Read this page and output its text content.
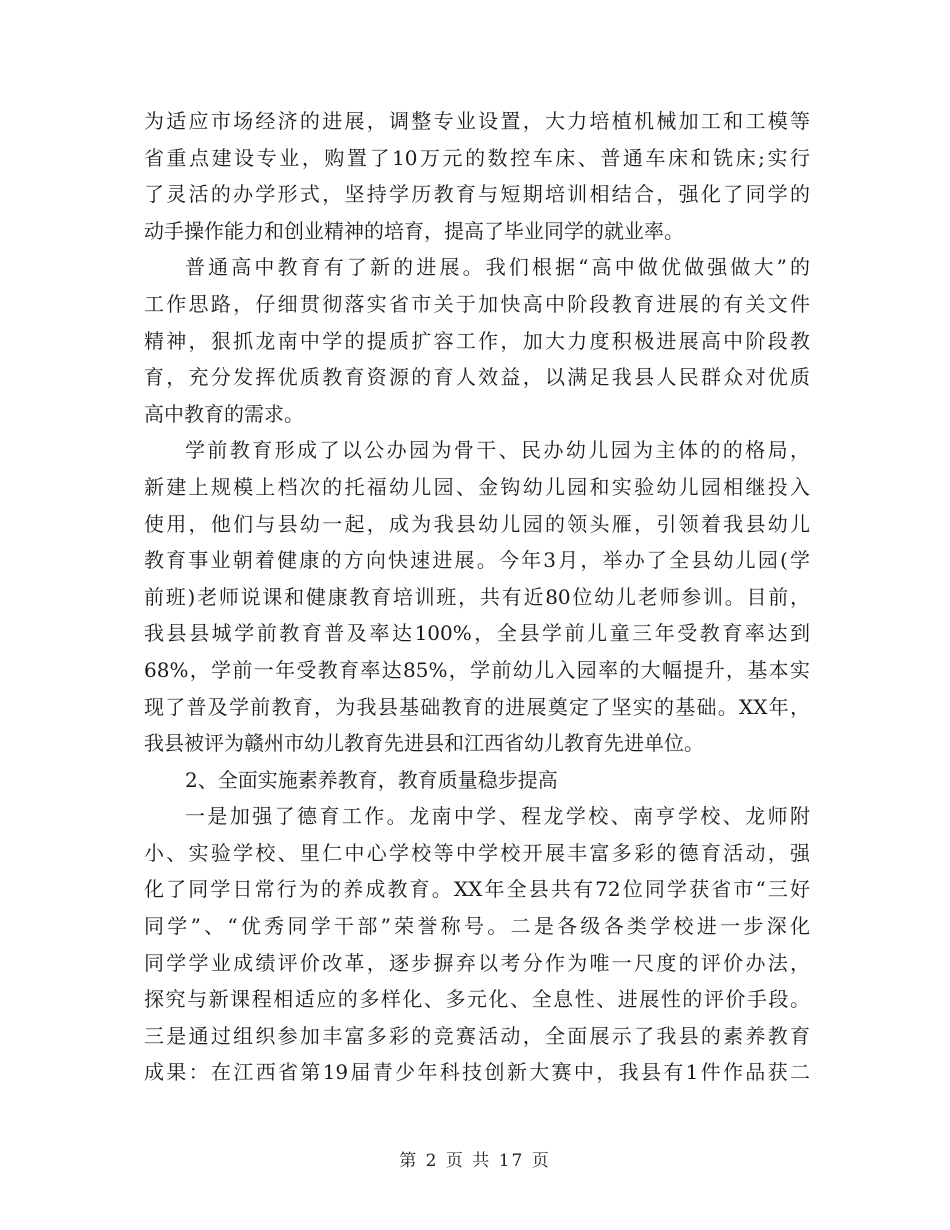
为适应市场经济的进展，调整专业设置，大力培植机械加工和工模等
省重点建设专业，购置了10万元的数控车床、普通车床和铣床;实行
了灵活的办学形式，坚持学历教育与短期培训相结合，强化了同学的
动手操作能力和创业精神的培育，提高了毕业同学的就业率。
普通高中教育有了新的进展。我们根据“高中做优做强做大”的
工作思路，仔细贯彻落实省市关于加快高中阶段教育进展的有关文件
精神，狠抓龙南中学的提质扩容工作，加大力度积极进展高中阶段教
育，充分发挥优质教育资源的育人效益，以满足我县人民群众对优质
高中教育的需求。
学前教育形成了以公办园为骨干、民办幼儿园为主体的的格局，
新建上规模上档次的托福幼儿园、金钩幼儿园和实验幼儿园相继投入
使用，他们与县幼一起，成为我县幼儿园的领头雁，引领着我县幼儿
教育事业朝着健康的方向快速进展。今年3月，举办了全县幼儿园(学
前班)老师说课和健康教育培训班，共有近80位幼儿老师参训。目前，
我县县城学前教育普及率达100%，全县学前儿童三年受教育率达到
68%，学前一年受教育率达85%，学前幼儿入园率的大幅提升，基本实
现了普及学前教育，为我县基础教育的进展奠定了坚实的基础。XX年，
我县被评为赣州市幼儿教育先进县和江西省幼儿教育先进单位。
2、全面实施素养教育，教育质量稳步提高
一是加强了德育工作。龙南中学、程龙学校、南亨学校、龙师附
小、实验学校、里仁中心学校等中学校开展丰富多彩的德育活动，强
化了同学日常行为的养成教育。XX年全县共有72位同学获省市“三好
同学”、“优秀同学干部”荣誉称号。二是各级各类学校进一步深化
同学学业成绩评价改革，逐步摒弃以考分作为唯一尺度的评价办法，
探究与新课程相适应的多样化、多元化、全息性、进展性的评价手段。
三是通过组织参加丰富多彩的竞赛活动，全面展示了我县的素养教育
成果：在江西省第19届青少年科技创新大赛中，我县有1件作品获二
第 2 页 共 17 页
